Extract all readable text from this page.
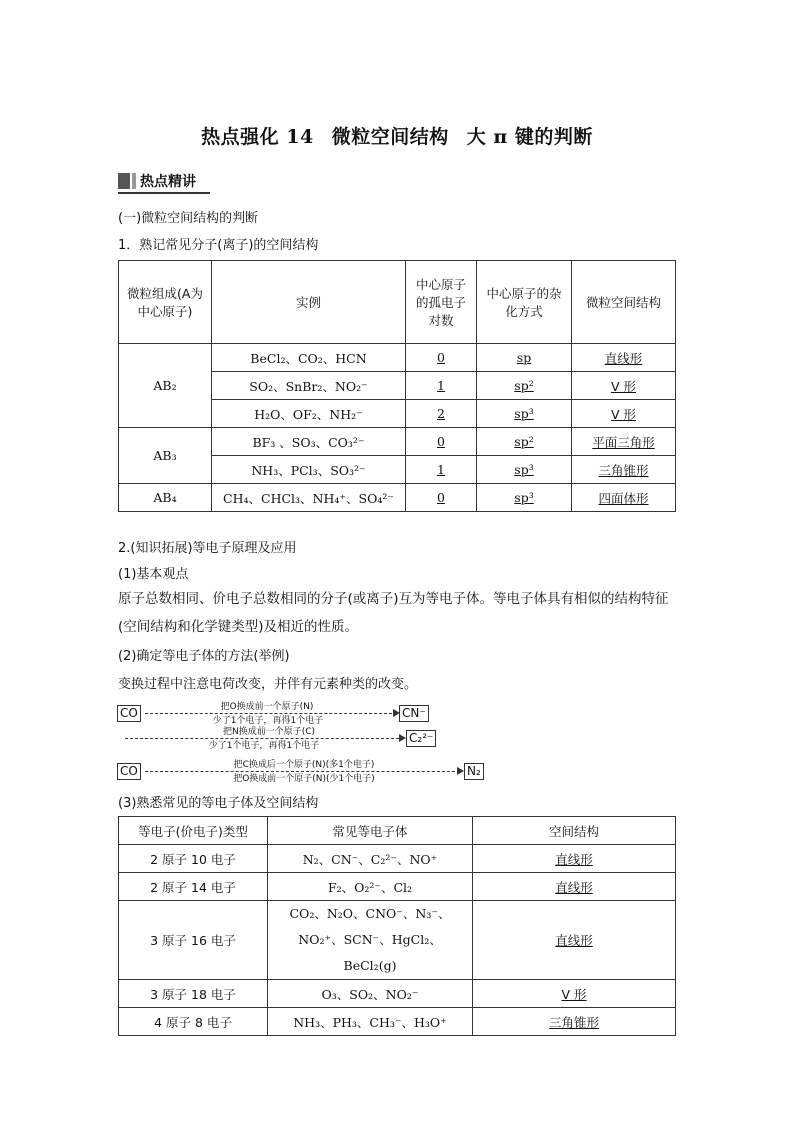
热点强化 14 微粒空间结构 大 π 键的判断
热点精讲
(一)微粒空间结构的判断
1．熟记常见分子(离子)的空间结构
微粒组成(A为中心原子)	实例	中心原子的孤电子对数	中心原子的杂化方式	微粒空间结构
AB₂	BeCl₂、CO₂、HCN	0	sp	直线形
	SO₂、SnBr₂、NO₂⁻	1	sp²	V 形
	H₂O、OF₂、NH₂⁻	2	sp³	V 形
AB₃	BF₃ 、SO₃、CO₃²⁻	0	sp²	平面三角形
	NH₃、PCl₃、SO₃²⁻	1	sp³	三角锥形
AB₄	CH₄、CHCl₃、NH₄⁺、SO₄²⁻	0	sp³	四面体形
2.(知识拓展)等电子原理及应用
(1)基本观点
原子总数相同、价电子总数相同的分子(或离子)互为等电子体。等电子体具有相似的结构特征(空间结构和化学键类型)及相近的性质。
(2)确定等电子体的方法(举例)
变换过程中注意电荷改变，并伴有元素种类的改变。
CO	把O换成前一个原子(N)
少了1个电子，再得1个电子
CN⁻
把N换成前一个原子(C)
少了1个电子，再得1个电子
C₂²⁻
CO	把C换成后一个原子(N)(多1个电子)
把O换成前一个原子(N)(少1个电子)
N₂
(3)熟悉常见的等电子体及空间结构
等电子(价电子)类型	常见等电子体	空间结构
2 原子 10 电子	N₂、CN⁻、C₂²⁻、NO⁺	直线形
2 原子 14 电子	F₂、O₂²⁻、Cl₂	直线形
3 原子 16 电子	CO₂、N₂O、CNO⁻、N₃⁻、NO₂⁺、SCN⁻、HgCl₂、BeCl₂(g)	直线形
3 原子 18 电子	O₃、SO₂、NO₂⁻	V 形
4 原子 8 电子	NH₃、PH₃、CH₃⁻、H₃O⁺	三角锥形
